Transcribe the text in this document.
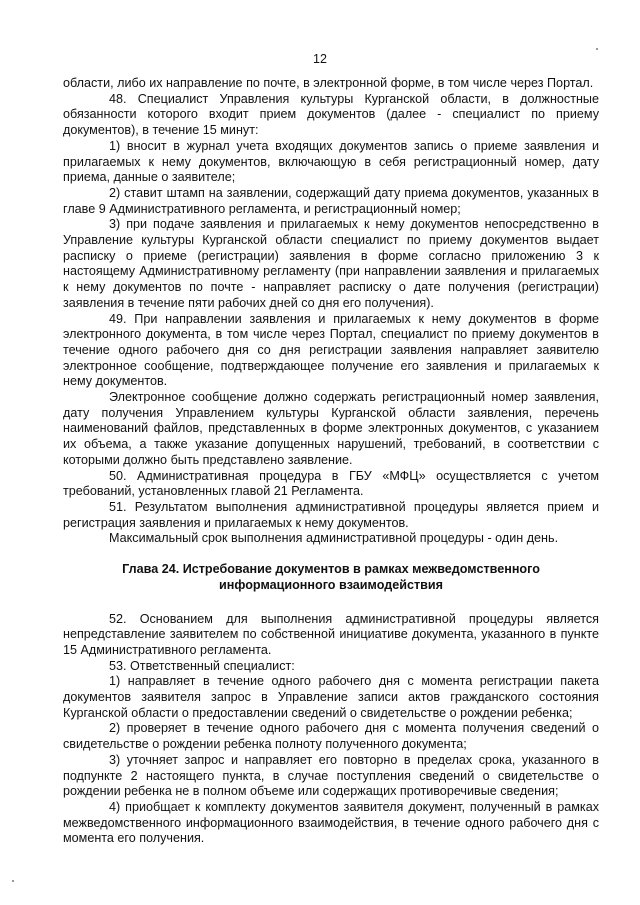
12

области, либо их направление по почте, в электронной форме, в том числе через Портал.

48. Специалист Управления культуры Курганской области, в должностные обязанности которого входит прием документов (далее - специалист по приему документов), в течение 15 минут:

1) вносит в журнал учета входящих документов запись о приеме заявления и прилагаемых к нему документов, включающую в себя регистрационный номер, дату приема, данные о заявителе;

2) ставит штамп на заявлении, содержащий дату приема документов, указанных в главе 9 Административного регламента, и регистрационный номер;

3) при подаче заявления и прилагаемых к нему документов непосредственно в Управление культуры Курганской области специалист по приему документов выдает расписку о приеме (регистрации) заявления в форме согласно приложению 3 к настоящему Административному регламенту (при направлении заявления и прилагаемых к нему документов по почте - направляет расписку о дате получения (регистрации) заявления в течение пяти рабочих дней со дня его получения).

49. При направлении заявления и прилагаемых к нему документов в форме электронного документа, в том числе через Портал, специалист по приему документов в течение одного рабочего дня со дня регистрации заявления направляет заявителю электронное сообщение, подтверждающее получение его заявления и прилагаемых к нему документов.

Электронное сообщение должно содержать регистрационный номер заявления, дату получения Управлением культуры Курганской области заявления, перечень наименований файлов, представленных в форме электронных документов, с указанием их объема, а также указание допущенных нарушений, требований, в соответствии с которыми должно быть представлено заявление.

50. Административная процедура в ГБУ «МФЦ» осуществляется с учетом требований, установленных главой 21 Регламента.

51. Результатом выполнения административной процедуры является прием и регистрация заявления и прилагаемых к нему документов.

Максимальный срок выполнения административной процедуры - один день.

Глава 24. Истребование документов в рамках межведомственного
информационного взаимодействия

52. Основанием для выполнения административной процедуры является непредставление заявителем по собственной инициативе документа, указанного в пункте 15 Административного регламента.

53. Ответственный специалист:

1) направляет в течение одного рабочего дня с момента регистрации пакета документов заявителя запрос в Управление записи актов гражданского состояния Курганской области о предоставлении сведений о свидетельстве о рождении ребенка;

2) проверяет в течение одного рабочего дня с момента получения сведений о свидетельстве о рождении ребенка полноту полученного документа;

3) уточняет запрос и направляет его повторно в пределах срока, указанного в подпункте 2 настоящего пункта, в случае поступления сведений о свидетельстве о рождении ребенка не в полном объеме или содержащих противоречивые сведения;

4) приобщает к комплекту документов заявителя документ, полученный в рамках межведомственного информационного взаимодействия, в течение одного рабочего дня с момента его получения.
